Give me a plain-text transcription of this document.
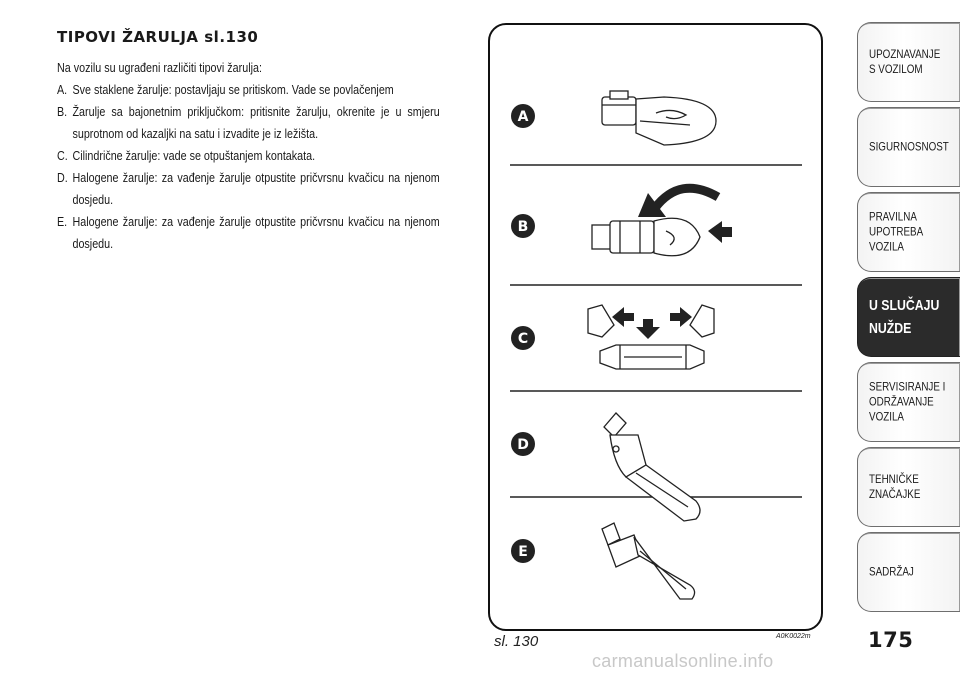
TIPOVI ŽARULJA sl.130

Na vozilu su ugrađeni različiti tipovi žarulja:

A. Sve staklene žarulje: postavljaju se pritiskom. Vade se povlačenjem
B. Žarulje sa bajonetnim priključkom: pritisnite žarulju, okrenite je u smjeru suprotnom od kazaljki na satu i izvadite je iz ležišta.
C. Cilindrične žarulje: vade se otpuštanjem kontakata.
D. Halogene žarulje: za vađenje žarulje otpustite pričvrsnu kvačicu na njenom dosjedu.
E. Halogene žarulje: za vađenje žarulje otpustite pričvrsnu kvačicu na njenom dosjedu.
A
B
C
D
E
sl. 130	A0K0022m	175
UPOZNAVANJE
S VOZILOM
SIGURNOSNOST
PRAVILNA
UPOTREBA
VOZILA
U SLUČAJU
NUŽDE
SERVISIRANJE I
ODRŽAVANJE
VOZILA
TEHNIČKE
ZNAČAJKE
SADRŽAJ
carmanualsonline.info
